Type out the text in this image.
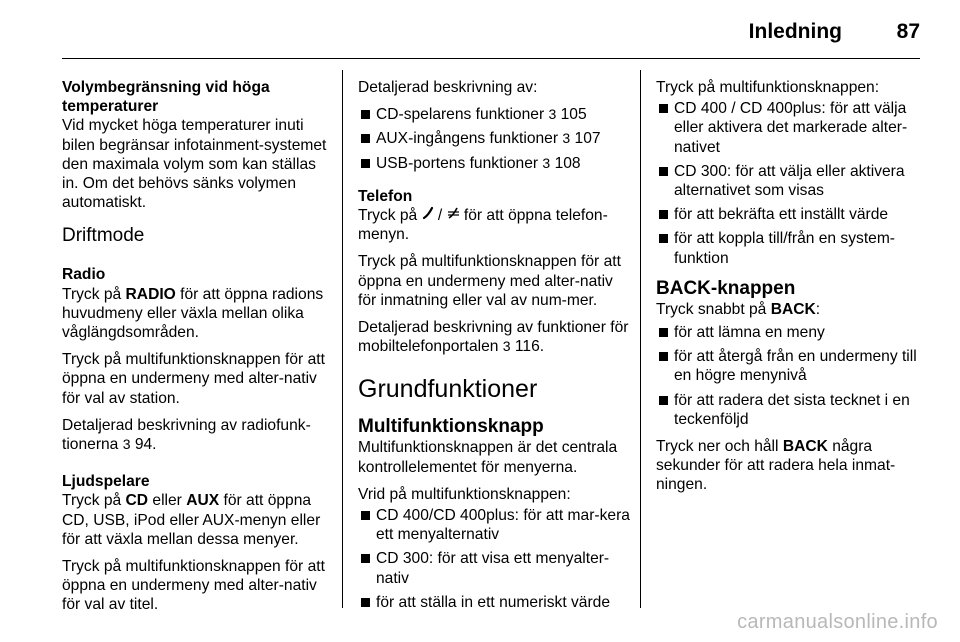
Inledning	87

Volymbegränsning vid höga temperaturer

Vid mycket höga temperaturer inuti bilen begränsar infotainment-systemet den maximala volym som kan ställas in. Om det behövs sänks volymen automatiskt.

Driftmode

Radio

Tryck på RADIO för att öppna radions huvudmeny eller växla mellan olika våglängdsområden.

Tryck på multifunktionsknappen för att öppna en undermeny med alter-nativ för val av station.

Detaljerad beskrivning av radiofunk-tionerna 3 94.

Ljudspelare

Tryck på CD eller AUX för att öppna CD, USB, iPod eller AUX-menyn eller för att växla mellan dessa menyer.

Tryck på multifunktionsknappen för att öppna en undermeny med alter-nativ för val av titel.

Detaljerad beskrivning av:

CD-spelarens funktioner 3 105
AUX-ingångens funktioner 3 107
USB-portens funktioner 3 108

Telefon

Tryck på  /  för att öppna telefon-menyn.

Tryck på multifunktionsknappen för att öppna en undermeny med alter-nativ för inmatning eller val av num-mer.

Detaljerad beskrivning av funktioner för mobiltelefonportalen 3 116.

Grundfunktioner
Multifunktionsknapp

Multifunktionsknappen är det centrala kontrollelementet för menyerna.

Vrid på multifunktionsknappen:

CD 400/CD 400plus: för att mar-kera ett menyalternativ
CD 300: för att visa ett menyalter-nativ
för att ställa in ett numeriskt värde

Tryck på multifunktionsknappen:

CD 400 / CD 400plus: för att välja eller aktivera det markerade alter-nativet
CD 300: för att välja eller aktivera alternativet som visas
för att bekräfta ett inställt värde
för att koppla till/från en system-funktion
BACK-knappen

Tryck snabbt på BACK:

för att lämna en meny
för att återgå från en undermeny till en högre menynivå
för att radera det sista tecknet i en teckenföljd

Tryck ner och håll BACK några sekunder för att radera hela inmat-ningen.

carmanualsonline.info
